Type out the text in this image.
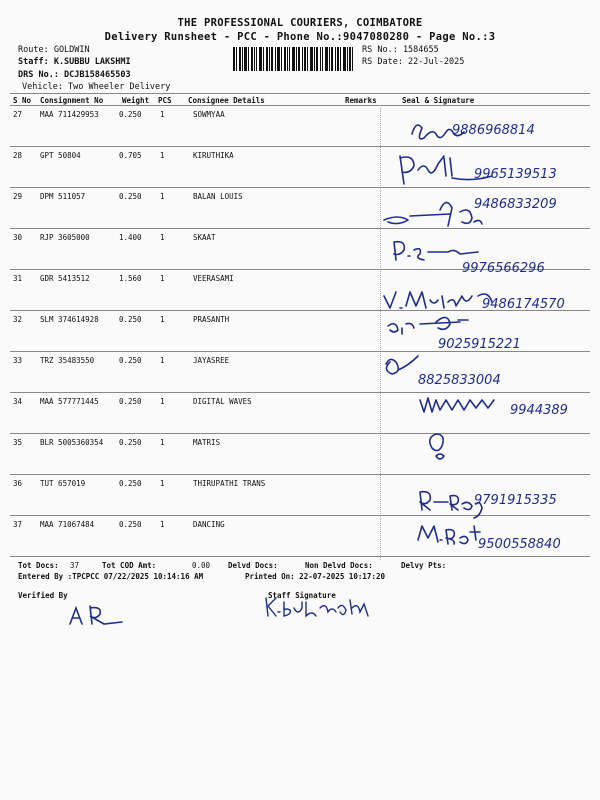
THE PROFESSIONAL COURIERS, COIMBATORE
Delivery Runsheet - PCC - Phone No.:9047080280 - Page No.:3
Route: GOLDWIN
Staff: K.SUBBU LAKSHMI
DRS No.: DCJB158465503
Vehicle: Two Wheeler Delivery
RS No.: 1584655
RS Date: 22-Jul-2025
S No Consignment No	Weight PCS Consignee Details	Remarks	Seal & Signature
27 MAA 711429953	0.250 1	SOWMYAA
28 GPT 50804	0.705 1	KIRUTHIKA
29 DPM 511057	0.250 1	BALAN LOUIS
30 RJP 3605000	1.400 1	SKAAT
31 GDR 5413512	1.560 1	VEERASAMI
32 SLM 374614928	0.250 1	PRASANTH
33 TRZ 35483550	0.250 1	JAYASREE
34 MAA 577771445	0.250 1	DIGITAL WAVES
35 BLR 5005360354 0.250 1	MATRIS
36 TUT 657019	0.250 1	THIRUPATHI TRANS
37 MAA 71067484	0.250 1	DANCING
9886968814
9965139513
9486833209
9976566296
9486174570
9025915221
8825833004
9944389
9791915335
9500558840
Tot Docs: 37	Tot COD Amt:	0.00 Delvd Docs:	Non Delvd Docs:	Delvy Pts:
Entered By :TPCPCC 07/22/2025 10:14:16 AM	Printed On: 22-07-2025 10:17:20
Verified By	Staff Signature
